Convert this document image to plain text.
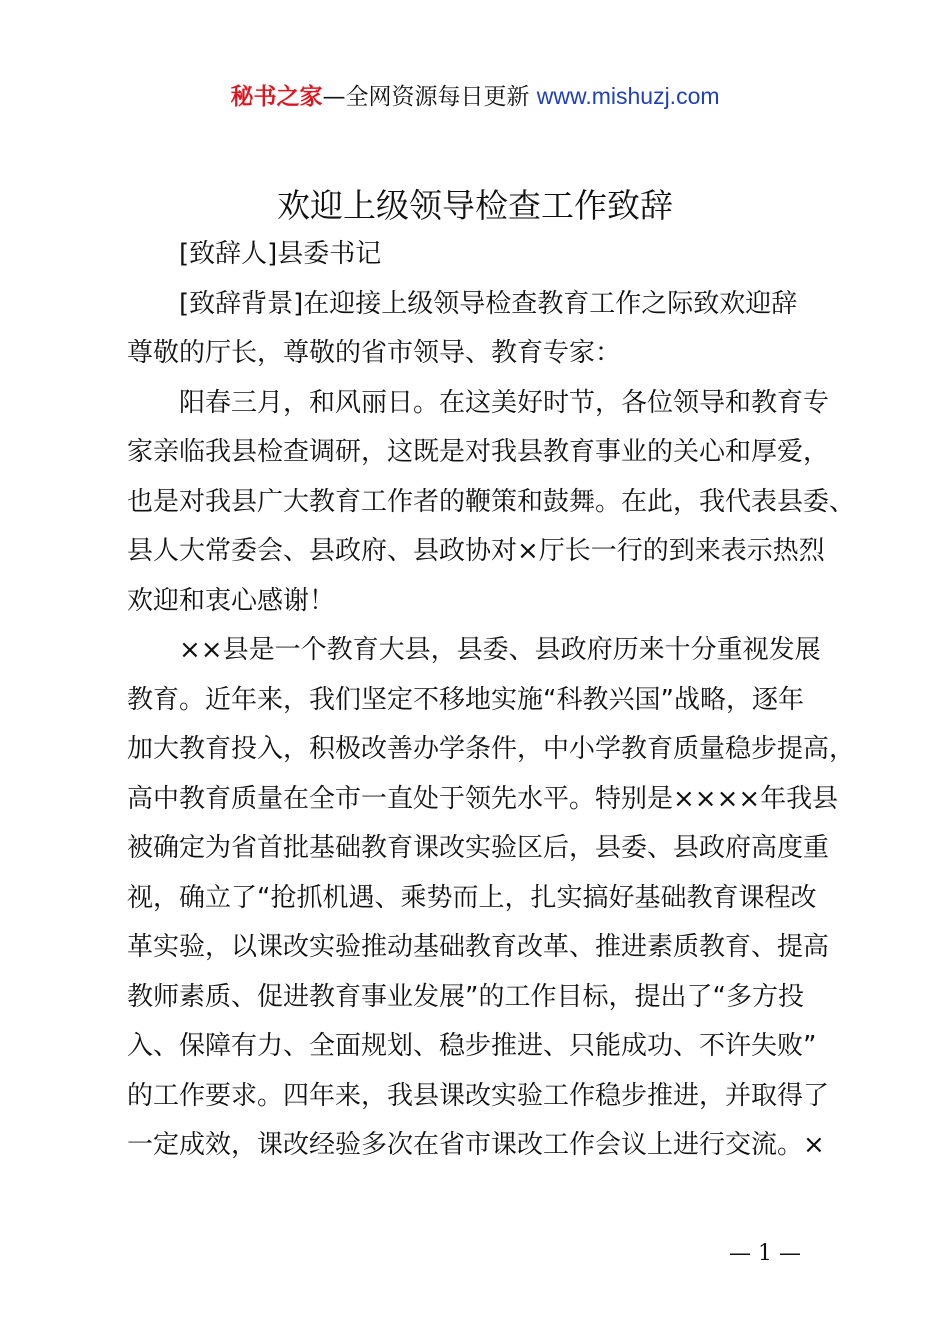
秘书之家—全网资源每日更新 www.mishuzj.com
欢迎上级领导检查工作致辞
[致辞人]县委书记
[致辞背景]在迎接上级领导检查教育工作之际致欢迎辞
尊敬的厅长，尊敬的省市领导、教育专家：
阳春三月，和风丽日。在这美好时节，各位领导和教育专
家亲临我县检查调研，这既是对我县教育事业的关心和厚爱，
也是对我县广大教育工作者的鞭策和鼓舞。在此，我代表县委、
县人大常委会、县政府、县政协对×厅长一行的到来表示热烈
欢迎和衷心感谢！
××县是一个教育大县，县委、县政府历来十分重视发展
教育。近年来，我们坚定不移地实施“科教兴国”战略，逐年
加大教育投入，积极改善办学条件，中小学教育质量稳步提高，
高中教育质量在全市一直处于领先水平。特别是××××年我县
被确定为省首批基础教育课改实验区后，县委、县政府高度重
视，确立了“抢抓机遇、乘势而上，扎实搞好基础教育课程改
革实验，以课改实验推动基础教育改革、推进素质教育、提高
教师素质、促进教育事业发展”的工作目标，提出了“多方投
入、保障有力、全面规划、稳步推进、只能成功、不许失败”
的工作要求。四年来，我县课改实验工作稳步推进，并取得了
一定成效，课改经验多次在省市课改工作会议上进行交流。×
— 1 —
